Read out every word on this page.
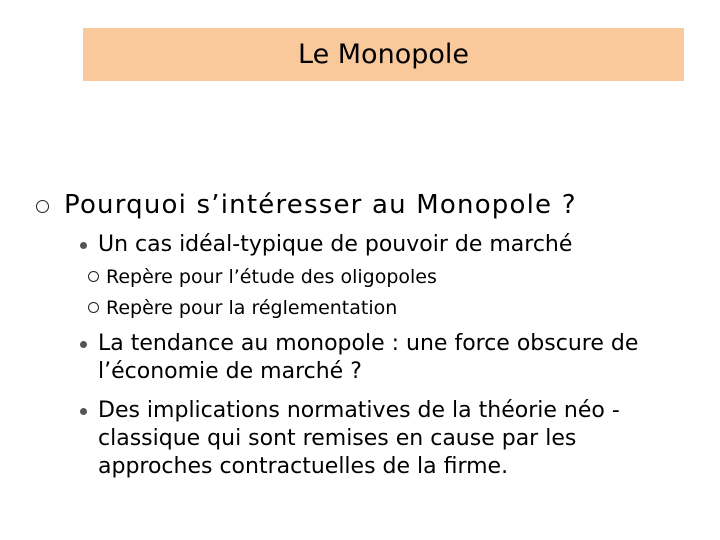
Le Monopole
Pourquoi s’intéresser au Monopole ?
Un cas idéal-typique de pouvoir de marché
Repère pour l’étude des oligopoles
Repère pour la réglementation
La tendance au monopole : une force obscure de l’économie de marché ?
Des implications normatives de la théorie néo -classique qui sont remises en cause par les approches contractuelles de la firme.
